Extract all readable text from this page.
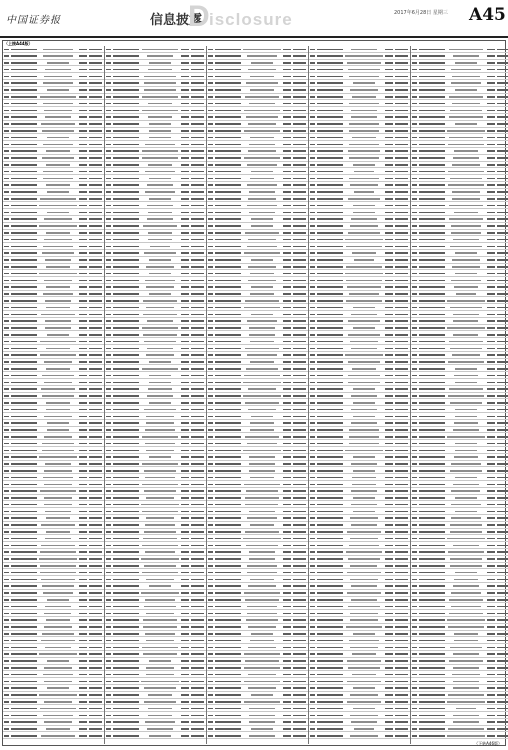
中国证券报	信息披露
D isclosure	2017年6月28日 星期三 A45
（上接A44版）
（下转A46版）
